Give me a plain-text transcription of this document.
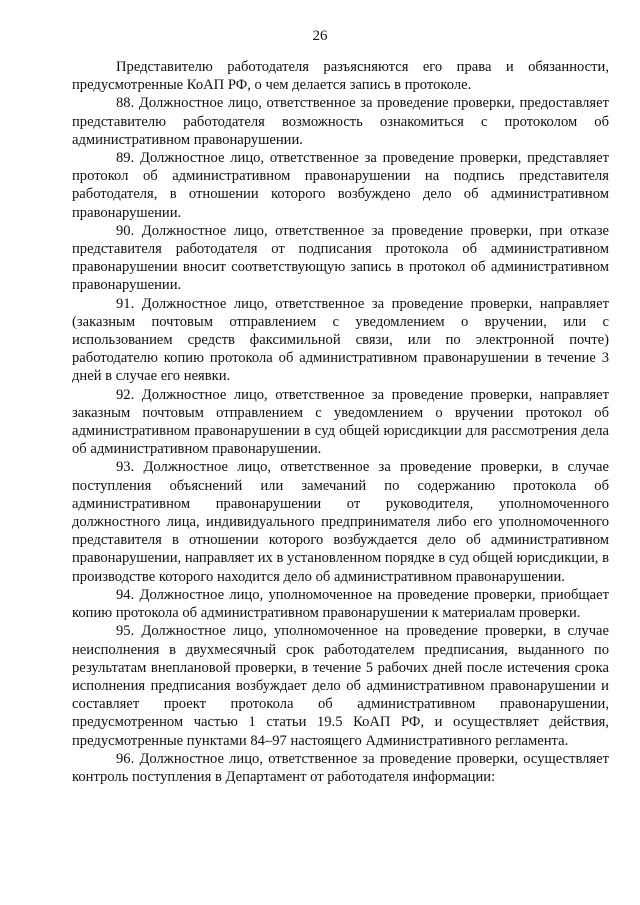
26

Представителю работодателя разъясняются его права и обязанности, предусмотренные КоАП РФ, о чем делается запись в протоколе.

88. Должностное лицо, ответственное за проведение проверки, предоставляет представителю работодателя возможность ознакомиться с протоколом об административном правонарушении.

89. Должностное лицо, ответственное за проведение проверки, представляет протокол об административном правонарушении на подпись представителя работодателя, в отношении которого возбуждено дело об административном правонарушении.

90. Должностное лицо, ответственное за проведение проверки, при отказе представителя работодателя от подписания протокола об административном правонарушении вносит соответствующую запись в протокол об административном правонарушении.

91. Должностное лицо, ответственное за проведение проверки, направляет (заказным почтовым отправлением с уведомлением о вручении, или с использованием средств факсимильной связи, или по электронной почте) работодателю копию протокола об административном правонарушении в течение 3 дней в случае его неявки.

92. Должностное лицо, ответственное за проведение проверки, направляет заказным почтовым отправлением с уведомлением о вручении протокол об административном правонарушении в суд общей юрисдикции для рассмотрения дела об административном правонарушении.

93. Должностное лицо, ответственное за проведение проверки, в случае поступления объяснений или замечаний по содержанию протокола об административном правонарушении от руководителя, уполномоченного должностного лица, индивидуального предпринимателя либо его уполномоченного представителя в отношении которого возбуждается дело об административном правонарушении, направляет их в установленном порядке в суд общей юрисдикции, в производстве которого находится дело об административном правонарушении.

94. Должностное лицо, уполномоченное на проведение проверки, приобщает копию протокола об административном правонарушении к материалам проверки.

95. Должностное лицо, уполномоченное на проведение проверки, в случае неисполнения в двухмесячный срок работодателем предписания, выданного по результатам внеплановой проверки, в течение 5 рабочих дней после истечения срока исполнения предписания возбуждает дело об административном правонарушении и составляет проект протокола об административном правонарушении, предусмотренном частью 1 статьи 19.5 КоАП РФ, и осуществляет действия, предусмотренные пунктами 84–97 настоящего Административного регламента.

96. Должностное лицо, ответственное за проведение проверки, осуществляет контроль поступления в Департамент от работодателя информации:
